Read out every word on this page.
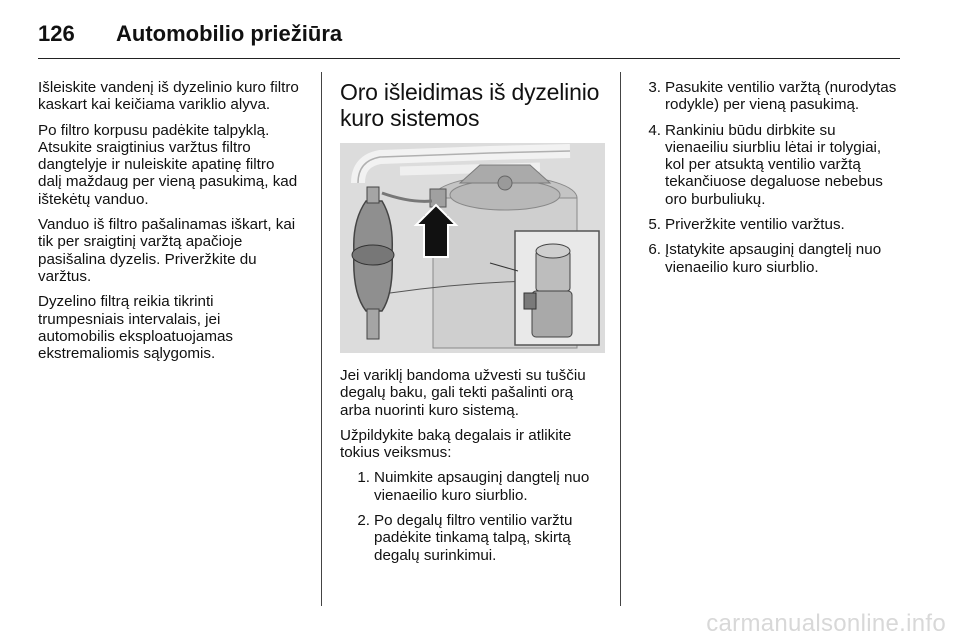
126	Automobilio priežiūra

Išleiskite vandenį iš dyzelinio kuro filtro kaskart kai keičiama variklio alyva.

Po filtro korpusu padėkite talpyklą. Atsukite sraigtinius varžtus filtro dangtelyje ir nuleiskite apatinę filtro dalį maždaug per vieną pasukimą, kad ištekėtų vanduo.

Vanduo iš filtro pašalinamas iškart, kai tik per sraigtinį varžtą apačioje pasišalina dyzelis. Priveržkite du varžtus.

Dyzelino filtrą reikia tikrinti trumpesniais intervalais, jei automobilis eksploatuojamas ekstremaliomis sąlygomis.

Oro išleidimas iš dyzelinio kuro sistemos

Jei variklį bandoma užvesti su tuščiu degalų baku, gali tekti pašalinti orą arba nuorinti kuro sistemą.

Užpildykite baką degalais ir atlikite tokius veiksmus:

1. Nuimkite apsauginį dangtelį nuo vienaeilio kuro siurblio.
2. Po degalų filtro ventilio varžtu padėkite tinkamą talpą, skirtą degalų surinkimui.
3. Pasukite ventilio varžtą (nurodytas rodykle) per vieną pasukimą.
4. Rankiniu būdu dirbkite su vienaeiliu siurbliu lėtai ir tolygiai, kol per atsuktą ventilio varžtą tekančiuose degaluose nebebus oro burbuliukų.
5. Priveržkite ventilio varžtus.
6. Įstatykite apsauginį dangtelį nuo vienaeilio kuro siurblio.
carmanualsonline.info
